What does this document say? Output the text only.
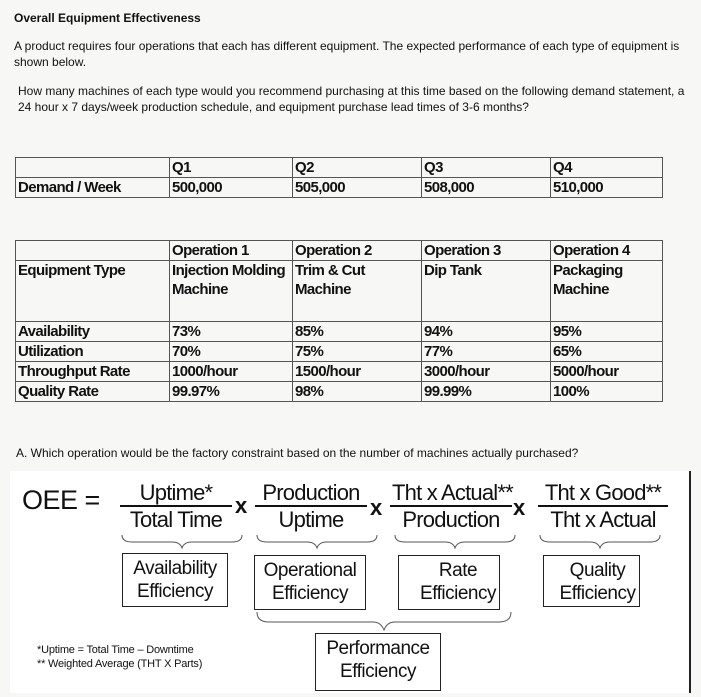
Overall Equipment Effectiveness
A product requires four operations that each has different equipment. The expected performance of each type of equipment is shown below.
How many machines of each type would you recommend purchasing at this time based on the following demand statement, a 24 hour x 7 days/week production schedule, and equipment purchase lead times of 3-6 months?
	Q1	Q2	Q3	Q4
Demand / Week	500,000	505,000	508,000	510,000
	Operation 1	Operation 2	Operation 3	Operation 4
Equipment Type	Injection Molding Machine	Trim & Cut Machine	Dip Tank	Packaging Machine
Availability	73%	85%	94%	95%
Utilization	70%	75%	77%	65%
Throughput Rate	1000/hour	1500/hour	3000/hour	5000/hour
Quality Rate	99.97%	98%	99.99%	100%
A. Which operation would be the factory constraint based on the number of machines actually purchased?
OEE =	Uptime*
Total Time
x
Production
Uptime	x
Tht x Actual**
Production x
Tht x Good**
Tht x Actual
Availability Efficiency
Operational Efficiency
Rate Efficiency
Quality Efficiency
Performance Efficiency
*Uptime = Total Time – Downtime
** Weighted Average (THT X Parts)
